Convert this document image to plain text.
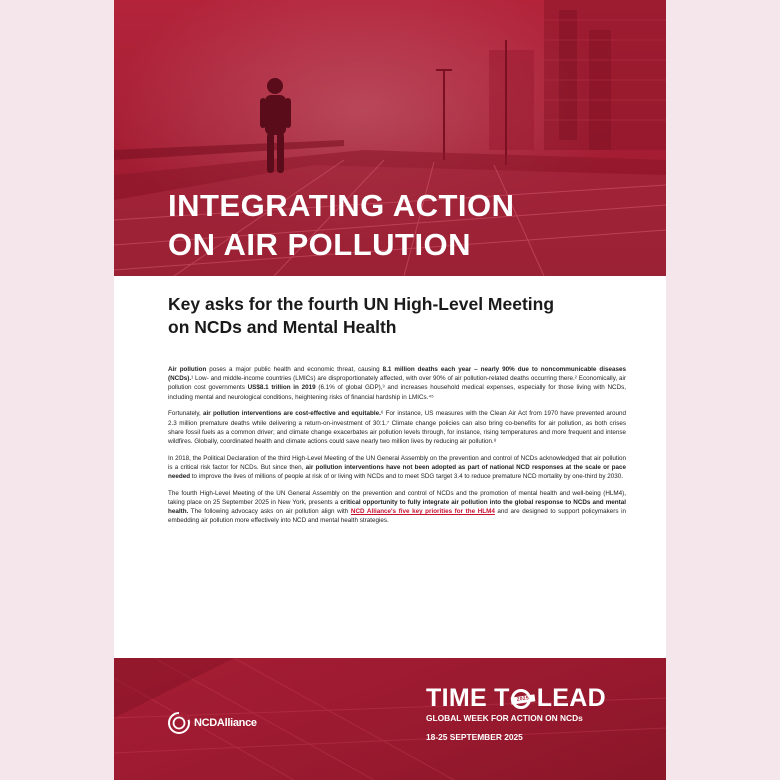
INTEGRATING ACTION
ON AIR POLLUTION
Key asks for the fourth UN High-Level Meeting
on NCDs and Mental Health

Air pollution poses a major public health and economic threat, causing 8.1 million deaths each year – nearly 90% due to noncommunicable diseases (NCDs).¹ Low- and middle-income countries (LMICs) are disproportionately affected, with over 90% of air pollution-related deaths occurring there.² Economically, air pollution cost governments US$8.1 trillion in 2019 (6.1% of global GDP),³ and increases household medical expenses, especially for those living with NCDs, including mental and neurological conditions, heightening risks of financial hardship in LMICs.⁴⁵

Fortunately, air pollution interventions are cost-effective and equitable.⁶ For instance, US measures with the Clean Air Act from 1970 have prevented around 2.3 million premature deaths while delivering a return-on-investment of 30:1.⁷ Climate change policies can also bring co-benefits for air pollution, as both crises share fossil fuels as a common driver; and climate change exacerbates air pollution levels through, for instance, rising temperatures and more frequent and intense wildfires. Globally, coordinated health and climate actions could save nearly two million lives by reducing air pollution.⁸

In 2018, the Political Declaration of the third High-Level Meeting of the UN General Assembly on the prevention and control of NCDs acknowledged that air pollution is a critical risk factor for NCDs. But since then, air pollution interventions have not been adopted as part of national NCD responses at the scale or pace needed to improve the lives of millions of people at risk of or living with NCDs and to meet SDG target 3.4 to reduce premature NCD mortality by one-third by 2030.

The fourth High-Level Meeting of the UN General Assembly on the prevention and control of NCDs and the promotion of mental health and well-being (HLM4), taking place on 25 September 2025 in New York, presents a critical opportunity to fully integrate air pollution into the global response to NCDs and mental health. The following advocacy asks on air pollution align with NCD Alliance's five key priorities for the HLM4 and are designed to support policymakers in embedding air pollution more effectively into NCD and mental health strategies.

NCDAlliance
TIME T	2025 LEAD
GLOBAL WEEK FOR ACTION ON NCDs
18-25 SEPTEMBER 2025
